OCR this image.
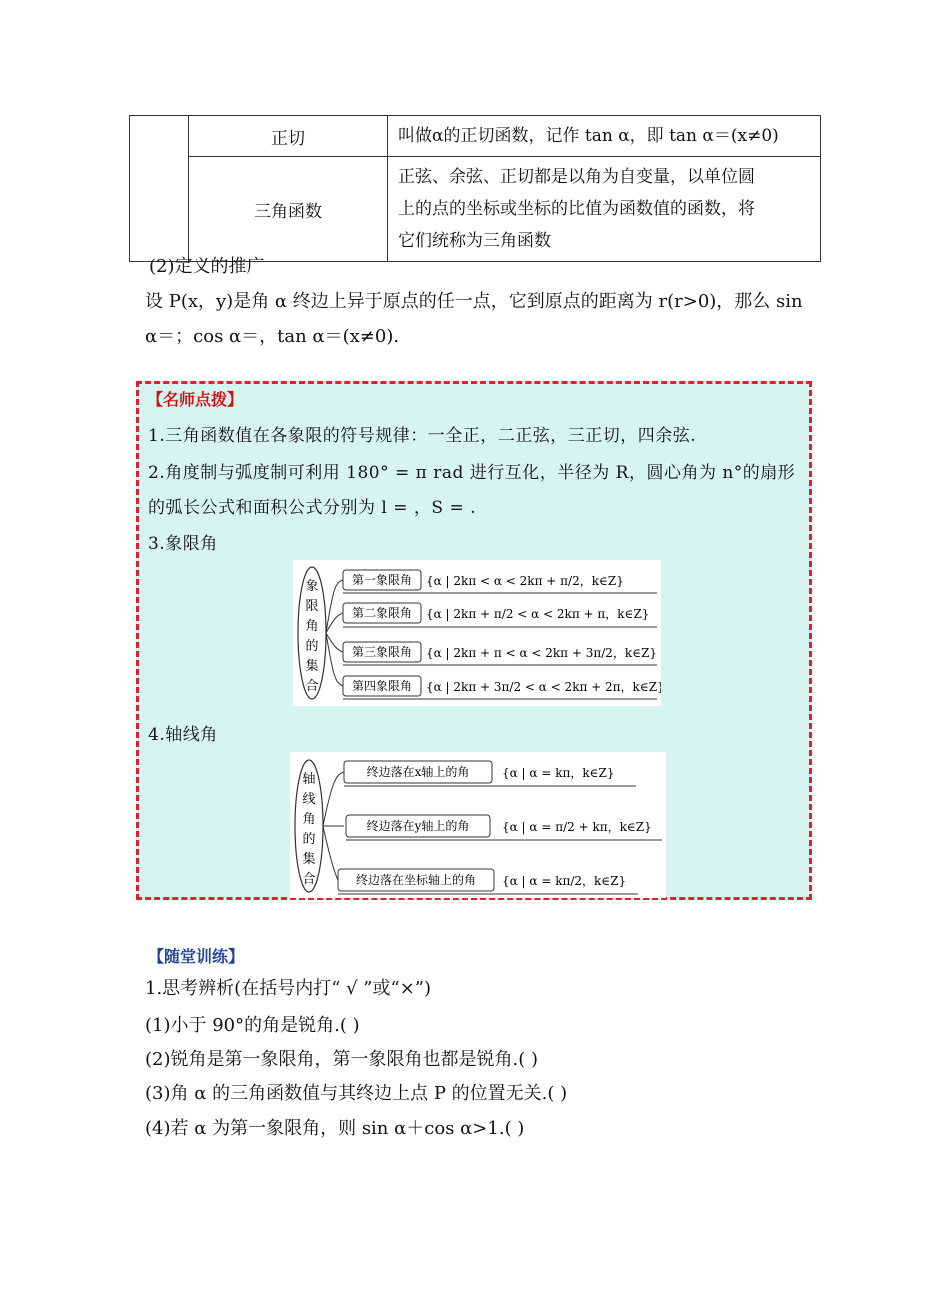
	正切	叫做α的正切函数，记作 tan α，即 tan α＝(x≠0)
	三角函数	正弦、余弦、正切都是以角为自变量，以单位圆
上的点的坐标或坐标的比值为函数值的函数，将
它们统称为三角函数
(2)定义的推广
设 P(x，y)是角 α 终边上异于原点的任一点，它到原点的距离为 r(r>0)，那么 sin
α＝；cos α＝，tan α＝(x≠0).
【名师点拨】
1.三角函数值在各象限的符号规律：一全正，二正弦，三正切，四余弦.
2.角度制与弧度制可利用 180° = π rad 进行互化，半径为 R，圆心角为 n°的扇形
的弧长公式和面积公式分别为 l = ，S = .
3.象限角
象
限
角
的
集
合
第一象限角
第二象限角
第三象限角
第四象限角
{α | 2kπ < α < 2kπ + π/2，k∈Z}
{α | 2kπ + π/2 < α < 2kπ + π，k∈Z}
{α | 2kπ + π < α < 2kπ + 3π/2，k∈Z}
{α | 2kπ + 3π/2 < α < 2kπ + 2π，k∈Z}
4.轴线角
轴
线
角
的
集
合
终边落在x轴上的角
终边落在y轴上的角
终边落在坐标轴上的角
{α | α = kπ，k∈Z}
{α | α = π/2 + kπ，k∈Z}
{α | α = kπ/2，k∈Z}
【随堂训练】
1.思考辨析(在括号内打“ √ ”或“×”)
(1)小于 90°的角是锐角.( )
(2)锐角是第一象限角，第一象限角也都是锐角.( )
(3)角 α 的三角函数值与其终边上点 P 的位置无关.( )
(4)若 α 为第一象限角，则 sin α＋cos α>1.( )
